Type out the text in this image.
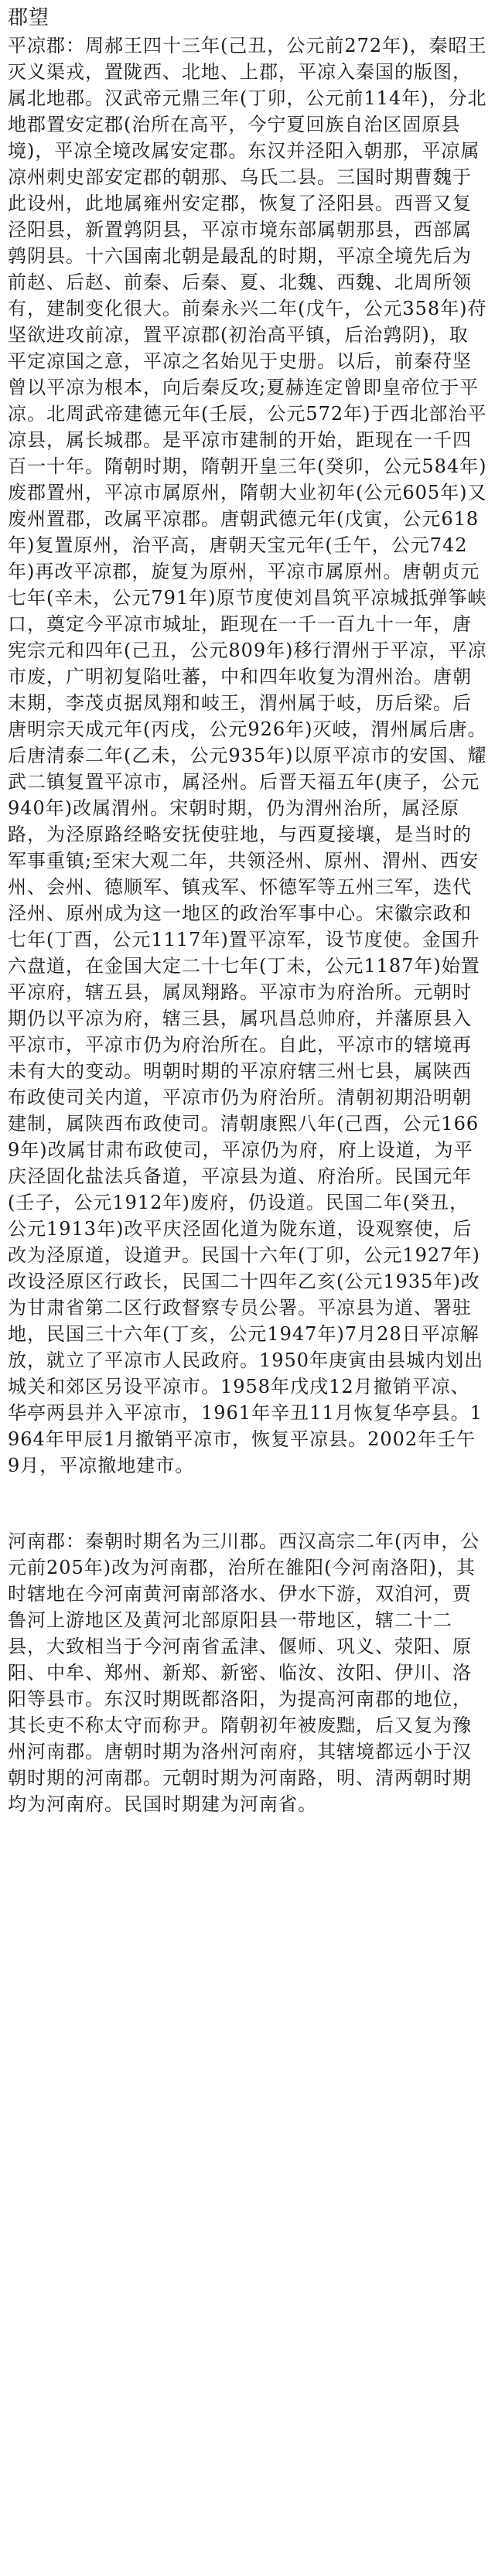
郡望

平凉郡：周郝王四十三年(己丑，公元前272年)，秦昭王灭义渠戎，置陇西、北地、上郡，平凉入秦国的版图，属北地郡。汉武帝元鼎三年(丁卯，公元前114年)，分北地郡置安定郡(治所在高平，今宁夏回族自治区固原县境)，平凉全境改属安定郡。东汉并泾阳入朝那，平凉属凉州刺史部安定郡的朝那、乌氏二县。三国时期曹魏于此设州，此地属雍州安定郡，恢复了泾阳县。西晋又复泾阳县，新置鹑阴县，平凉市境东部属朝那县，西部属鹑阴县。十六国南北朝是最乱的时期，平凉全境先后为前赵、后赵、前秦、后秦、夏、北魏、西魏、北周所领有，建制变化很大。前秦永兴二年(戊午，公元358年)苻坚欲进攻前凉，置平凉郡(初治高平镇，后治鹑阴)，取平定凉国之意，平凉之名始见于史册。以后，前秦苻坚曾以平凉为根本，向后秦反攻;夏赫连定曾即皇帝位于平凉。北周武帝建德元年(壬辰，公元572年)于西北部治平凉县，属长城郡。是平凉市建制的开始，距现在一千四百一十年。隋朝时期，隋朝开皇三年(癸卯，公元584年)废郡置州，平凉市属原州，隋朝大业初年(公元605年)又废州置郡，改属平凉郡。唐朝武德元年(戊寅，公元618年)复置原州，治平高，唐朝天宝元年(壬午，公元742年)再改平凉郡，旋复为原州，平凉市属原州。唐朝贞元七年(辛未，公元791年)原节度使刘昌筑平凉城抵弹筝峡口，奠定今平凉市城址，距现在一千一百九十一年，唐宪宗元和四年(己丑，公元809年)移行渭州于平凉，平凉市废，广明初复陷吐蕃，中和四年收复为渭州治。唐朝末期，李茂贞据凤翔和岐王，渭州属于岐，历后梁。后唐明宗天成元年(丙戌，公元926年)灭岐，渭州属后唐。后唐清泰二年(乙未，公元935年)以原平凉市的安国、耀武二镇复置平凉市，属泾州。后晋天福五年(庚子，公元940年)改属渭州。宋朝时期，仍为渭州治所，属泾原路，为泾原路经略安抚使驻地，与西夏接壤，是当时的军事重镇;至宋大观二年，共领泾州、原州、渭州、西安州、会州、德顺军、镇戎军、怀德军等五州三军，迭代泾州、原州成为这一地区的政治军事中心。宋徽宗政和七年(丁酉，公元1117年)置平凉军，设节度使。金国升六盘道，在金国大定二十七年(丁未，公元1187年)始置平凉府，辖五县，属凤翔路。平凉市为府治所。元朝时期仍以平凉为府，辖三县，属巩昌总帅府，并藩原县入平凉市，平凉市仍为府治所在。自此，平凉市的辖境再未有大的变动。明朝时期的平凉府辖三州七县，属陕西布政使司关内道，平凉市仍为府治所。清朝初期沿明朝建制，属陕西布政使司。清朝康熙八年(己酉，公元1669年)改属甘肃布政使司，平凉仍为府，府上设道，为平庆泾固化盐法兵备道，平凉县为道、府治所。民国元年(壬子，公元1912年)废府，仍设道。民国二年(癸丑，公元1913年)改平庆泾固化道为陇东道，设观察使，后改为泾原道，设道尹。民国十六年(丁卯，公元1927年)改设泾原区行政长，民国二十四年乙亥(公元1935年)改为甘肃省第二区行政督察专员公署。平凉县为道、署驻地，民国三十六年(丁亥，公元1947年)7月28日平凉解放，就立了平凉市人民政府。1950年庚寅由县城内划出城关和郊区另设平凉市。1958年戊戌12月撤销平凉、华亭两县并入平凉市，1961年辛丑11月恢复华亭县。1964年甲辰1月撤销平凉市，恢复平凉县。2002年壬午9月，平凉撤地建市。

河南郡：秦朝时期名为三川郡。西汉高宗二年(丙申，公元前205年)改为河南郡，治所在雒阳(今河南洛阳)，其时辖地在今河南黄河南部洛水、伊水下游，双洎河，贾鲁河上游地区及黄河北部原阳县一带地区，辖二十二县，大致相当于今河南省孟津、偃师、巩义、荥阳、原阳、中牟、郑州、新郑、新密、临汝、汝阳、伊川、洛阳等县市。东汉时期既都洛阳，为提高河南郡的地位，其长吏不称太守而称尹。隋朝初年被废黜，后又复为豫州河南郡。唐朝时期为洛州河南府，其辖境都远小于汉朝时期的河南郡。元朝时期为河南路，明、清两朝时期均为河南府。民国时期建为河南省。
